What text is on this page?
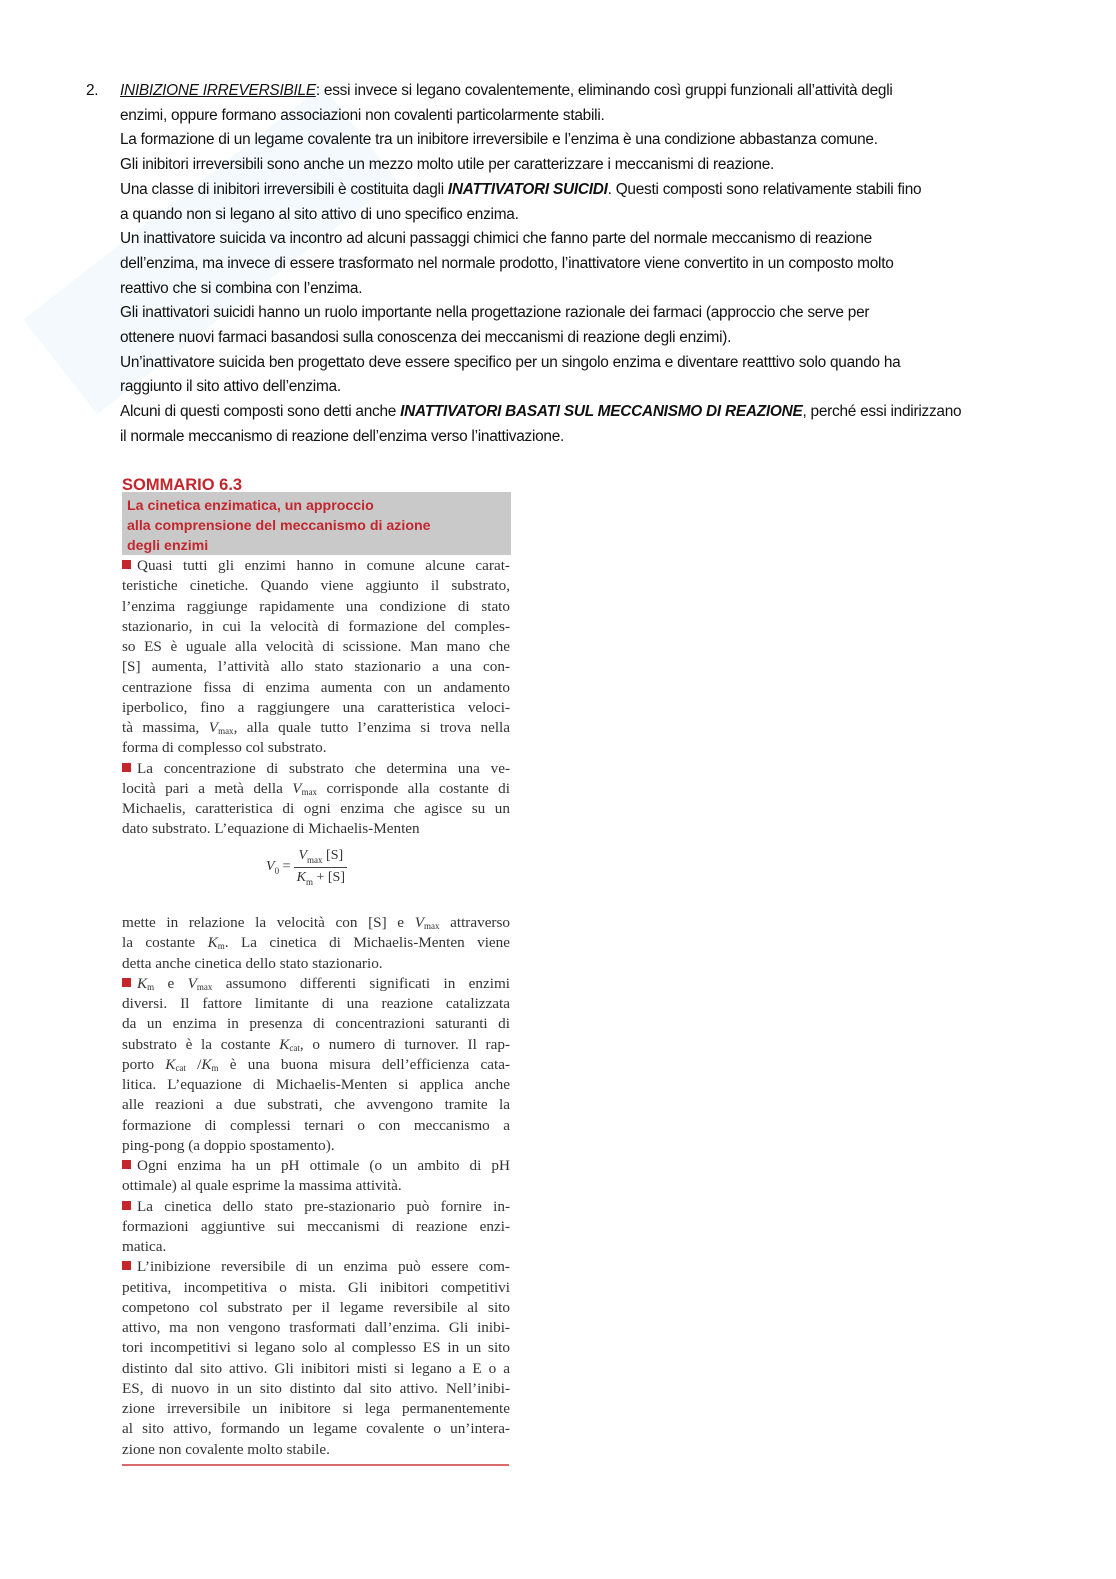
2. INIBIZIONE IRREVERSIBILE: essi invece si legano covalentemente, eliminando così gruppi funzionali all’attività degli
enzimi, oppure formano associazioni non covalenti particolarmente stabili.
La formazione di un legame covalente tra un inibitore irreversibile e l’enzima è una condizione abbastanza comune.
Gli inibitori irreversibili sono anche un mezzo molto utile per caratterizzare i meccanismi di reazione.
Una classe di inibitori irreversibili è costituita dagli INATTIVATORI SUICIDI. Questi composti sono relativamente stabili fino
a quando non si legano al sito attivo di uno specifico enzima.
Un inattivatore suicida va incontro ad alcuni passaggi chimici che fanno parte del normale meccanismo di reazione
dell’enzima, ma invece di essere trasformato nel normale prodotto, l’inattivatore viene convertito in un composto molto
reattivo che si combina con l’enzima.
Gli inattivatori suicidi hanno un ruolo importante nella progettazione razionale dei farmaci (approccio che serve per
ottenere nuovi farmaci basandosi sulla conoscenza dei meccanismi di reazione degli enzimi).
Un’inattivatore suicida ben progettato deve essere specifico per un singolo enzima e diventare reatttivo solo quando ha
raggiunto il sito attivo dell’enzima.
Alcuni di questi composti sono detti anche INATTIVATORI BASATI SUL MECCANISMO DI REAZIONE, perché essi indirizzano
il normale meccanismo di reazione dell’enzima verso l’inattivazione.
SOMMARIO 6.3
La cinetica enzimatica, un approccio
alla comprensione del meccanismo di azione
degli enzimi
Quasi tutti gli enzimi hanno in comune alcune carat-
teristiche cinetiche. Quando viene aggiunto il substrato,
l’enzima raggiunge rapidamente una condizione di stato
stazionario, in cui la velocità di formazione del comples-
so ES è uguale alla velocità di scissione. Man mano che
[S] aumenta, l’attività allo stato stazionario a una con-
centrazione fissa di enzima aumenta con un andamento
iperbolico, fino a raggiungere una caratteristica veloci-
tà massima, $V_{max}$, alla quale tutto l’enzima si trova nella
forma di complesso col substrato.
La concentrazione di substrato che determina una ve-
locità pari a metà della $V_{max}$ corrisponde alla costante di
Michaelis, caratteristica di ogni enzima che agisce su un
dato substrato. L’equazione di Michaelis-Menten
mette in relazione la velocità con [S] e $V_{max}$ attraverso
la costante $K_m$. La cinetica di Michaelis-Menten viene
detta anche cinetica dello stato stazionario.
$K_m$ e $V_{max}$ assumono differenti significati in enzimi
diversi. Il fattore limitante di una reazione catalizzata
da un enzima in presenza di concentrazioni saturanti di
substrato è la costante $K_{cat}$, o numero di turnover. Il rap-
porto $K_{cat}$ $/K_m$ è una buona misura dell’efficienza cata-
litica. L’equazione di Michaelis-Menten si applica anche
alle reazioni a due substrati, che avvengono tramite la
formazione di complessi ternari o con meccanismo a
ping-pong (a doppio spostamento).
Ogni enzima ha un pH ottimale (o un ambito di pH
ottimale) al quale esprime la massima attività.
La cinetica dello stato pre-stazionario può fornire in-
formazioni aggiuntive sui meccanismi di reazione enzi-
matica.
L’inibizione reversibile di un enzima può essere com-
petitiva, incompetitiva o mista. Gli inibitori competitivi
competono col substrato per il legame reversibile al sito
attivo, ma non vengono trasformati dall’enzima. Gli inibi-
tori incompetitivi si legano solo al complesso ES in un sito
distinto dal sito attivo. Gli inibitori misti si legano a E o a
ES, di nuovo in un sito distinto dal sito attivo. Nell’inibi-
zione irreversibile un inibitore si lega permanentemente
al sito attivo, formando un legame covalente o un’intera-
zione non covalente molto stabile.
$V_0 = \frac{V_{max} [S]}{K_m + [S]}$
